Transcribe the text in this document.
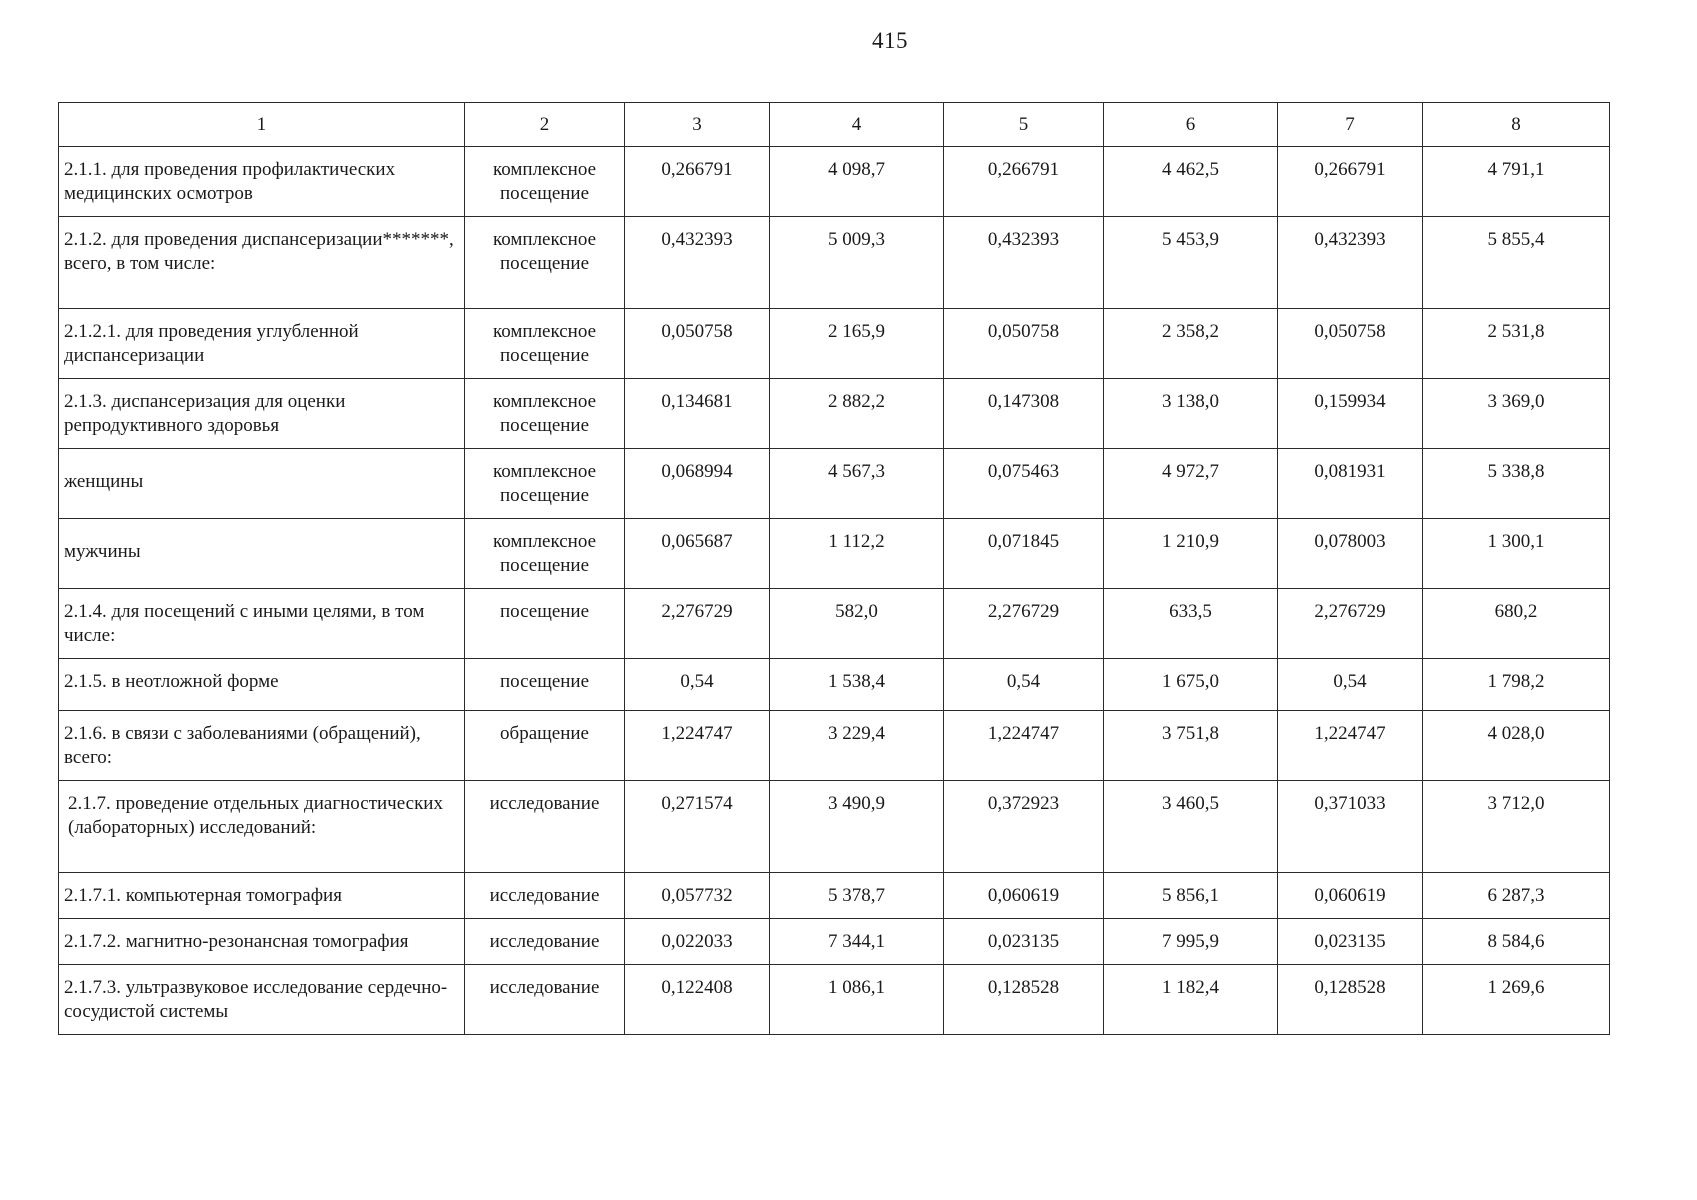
415
1	2	3	4	5	6	7	8
2.1.1. для проведения профилактических медицинских осмотров	комплексное посещение	0,266791	4 098,7	0,266791	4 462,5	0,266791	4 791,1
2.1.2. для проведения диспансеризации*******, всего, в том числе:	комплексное посещение	0,432393	5 009,3	0,432393	5 453,9	0,432393	5 855,4
2.1.2.1. для проведения углубленной диспансеризации	комплексное посещение	0,050758	2 165,9	0,050758	2 358,2	0,050758	2 531,8
2.1.3. диспансеризация для оценки репродуктивного здоровья	комплексное посещение	0,134681	2 882,2	0,147308	3 138,0	0,159934	3 369,0
женщины	комплексное посещение	0,068994	4 567,3	0,075463	4 972,7	0,081931	5 338,8
мужчины	комплексное посещение	0,065687	1 112,2	0,071845	1 210,9	0,078003	1 300,1
2.1.4. для посещений с иными целями, в том числе:	посещение	2,276729	582,0	2,276729	633,5	2,276729	680,2
2.1.5. в неотложной форме	посещение	0,54	1 538,4	0,54	1 675,0	0,54	1 798,2
2.1.6. в связи с заболеваниями (обращений), всего:	обращение	1,224747	3 229,4	1,224747	3 751,8	1,224747	4 028,0
2.1.7. проведение отдельных диагностических (лабораторных) исследований:	исследование	0,271574	3 490,9	0,372923	3 460,5	0,371033	3 712,0
2.1.7.1. компьютерная томография	исследование	0,057732	5 378,7	0,060619	5 856,1	0,060619	6 287,3
2.1.7.2. магнитно-резонансная томография	исследование	0,022033	7 344,1	0,023135	7 995,9	0,023135	8 584,6
2.1.7.3. ультразвуковое исследование сердечно-сосудистой системы	исследование	0,122408	1 086,1	0,128528	1 182,4	0,128528	1 269,6
